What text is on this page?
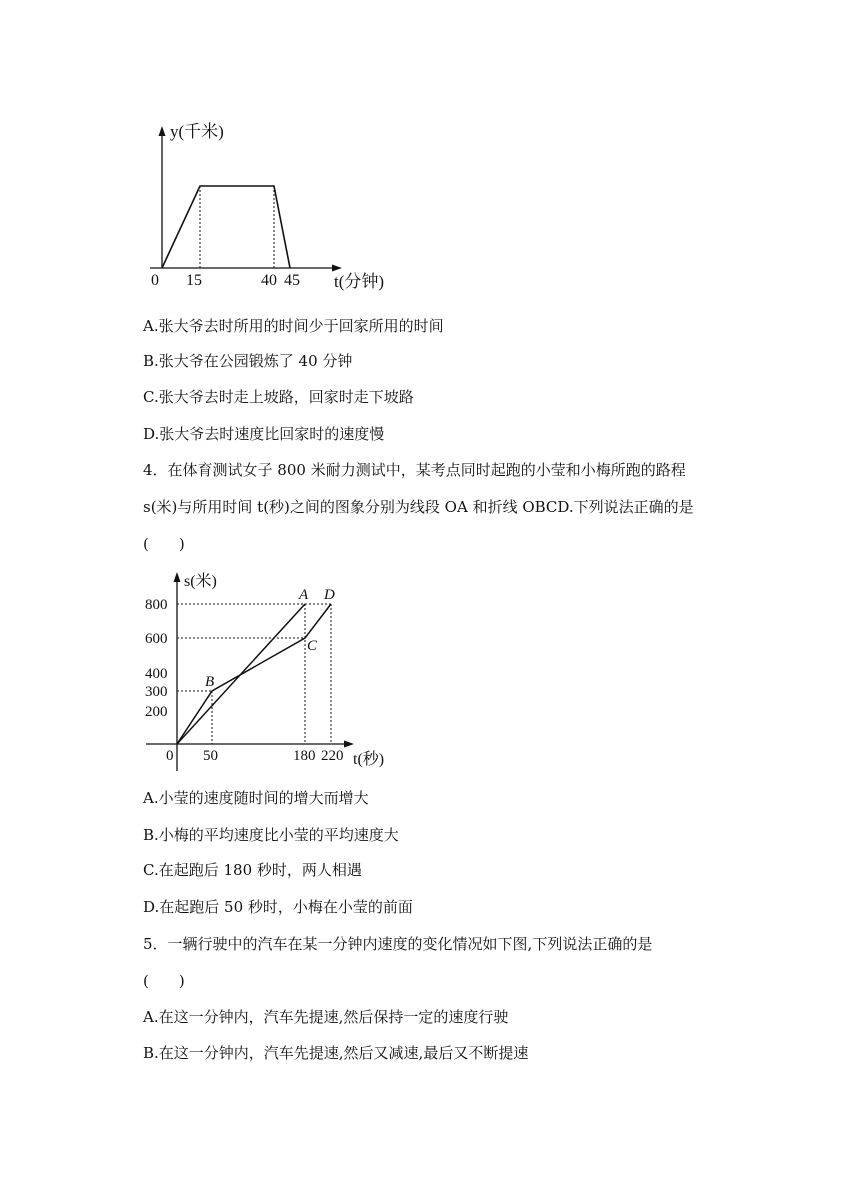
y(千米)
t(分钟)
0 15	40 45
A.张大爷去时所用的时间少于回家所用的时间
B.张大爷在公园锻炼了 40 分钟
C.张大爷去时走上坡路，回家时走下坡路
D.张大爷去时速度比回家时的速度慢
4．在体育测试女子 800 米耐力测试中，某考点同时起跑的小莹和小梅所跑的路程
s(米)与所用时间 t(秒)之间的图象分别为线段 OA 和折线 OBCD.下列说法正确的是
(　　)
s(米)
t(秒)
0
800
600
400
300
200
50	180 220
A D
C
B
A.小莹的速度随时间的增大而增大
B.小梅的平均速度比小莹的平均速度大
C.在起跑后 180 秒时，两人相遇
D.在起跑后 50 秒时，小梅在小莹的前面
5．一辆行驶中的汽车在某一分钟内速度的变化情况如下图,下列说法正确的是
(　　)
A.在这一分钟内，汽车先提速,然后保持一定的速度行驶
B.在这一分钟内，汽车先提速,然后又减速,最后又不断提速
